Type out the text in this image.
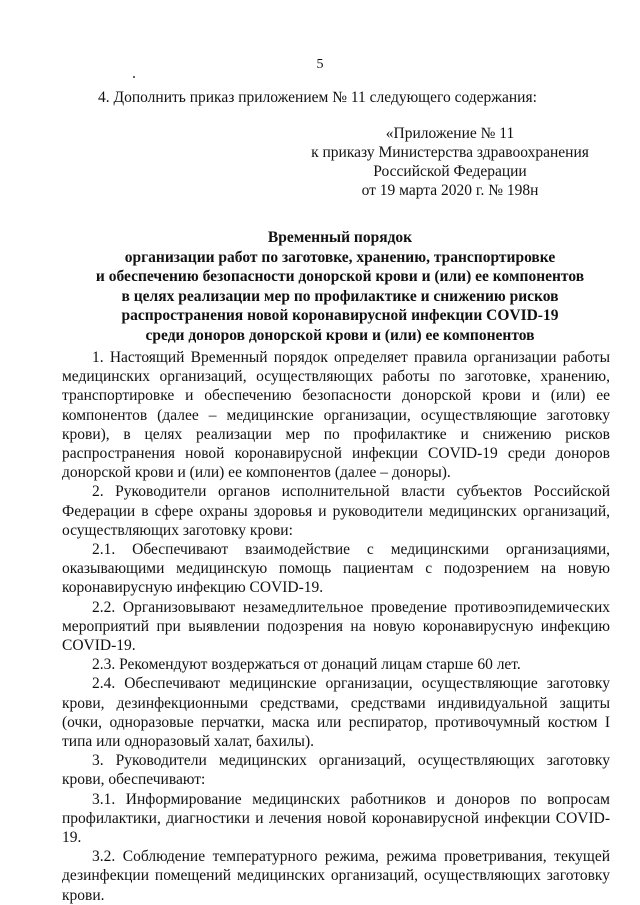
5
4. Дополнить приказ приложением № 11 следующего содержания:
«Приложение № 11
к приказу Министерства здравоохранения
Российской Федерации
от 19 марта 2020 г. № 198н
Временный порядок
организации работ по заготовке, хранению, транспортировке
и обеспечению безопасности донорской крови и (или) ее компонентов
в целях реализации мер по профилактике и снижению рисков
распространения новой коронавирусной инфекции COVID-19
среди доноров донорской крови и (или) ее компонентов

1. Настоящий Временный порядок определяет правила организации работы медицинских организаций, осуществляющих работы по заготовке, хранению, транспортировке и обеспечению безопасности донорской крови и (или) ее компонентов (далее – медицинские организации, осуществляющие заготовку крови), в целях реализации мер по профилактике и снижению рисков распространения новой коронавирусной инфекции COVID-19 среди доноров донорской крови и (или) ее компонентов (далее – доноры).

2. Руководители органов исполнительной власти субъектов Российской Федерации в сфере охраны здоровья и руководители медицинских организаций, осуществляющих заготовку крови:

2.1. Обеспечивают взаимодействие с медицинскими организациями, оказывающими медицинскую помощь пациентам с подозрением на новую коронавирусную инфекцию COVID-19.

2.2. Организовывают незамедлительное проведение противоэпидемических мероприятий при выявлении подозрения на новую коронавирусную инфекцию COVID-19.

2.3. Рекомендуют воздержаться от донаций лицам старше 60 лет.

2.4. Обеспечивают медицинские организации, осуществляющие заготовку крови, дезинфекционными средствами, средствами индивидуальной защиты (очки, одноразовые перчатки, маска или респиратор, противочумный костюм I типа или одноразовый халат, бахилы).

3. Руководители медицинских организаций, осуществляющих заготовку крови, обеспечивают:

3.1. Информирование медицинских работников и доноров по вопросам профилактики, диагностики и лечения новой коронавирусной инфекции COVID-19.

3.2. Соблюдение температурного режима, режима проветривания, текущей дезинфекции помещений медицинских организаций, осуществляющих заготовку крови.
